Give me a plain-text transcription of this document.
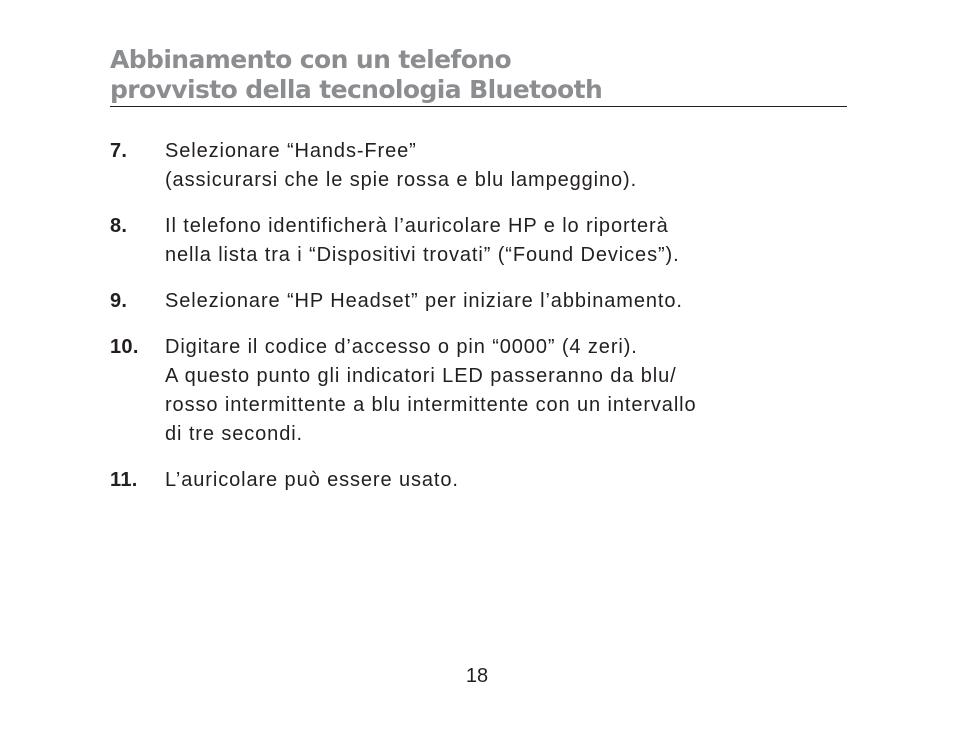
Abbinamento con un telefono
provvisto della tecnologia Bluetooth
7.	Selezionare “Hands-Free”
(assicurarsi che le spie rossa e blu lampeggino).
8.	Il telefono identificherà l’auricolare HP e lo riporterà
nella lista tra i “Dispositivi trovati” (“Found Devices”).
9.	Selezionare “HP Headset” per iniziare l’abbinamento.
10.	Digitare il codice d’accesso o pin “0000” (4 zeri).
A questo punto gli indicatori LED passeranno da blu/
rosso intermittente a blu intermittente con un intervallo
di tre secondi.
11.	L’auricolare può essere usato.
18
